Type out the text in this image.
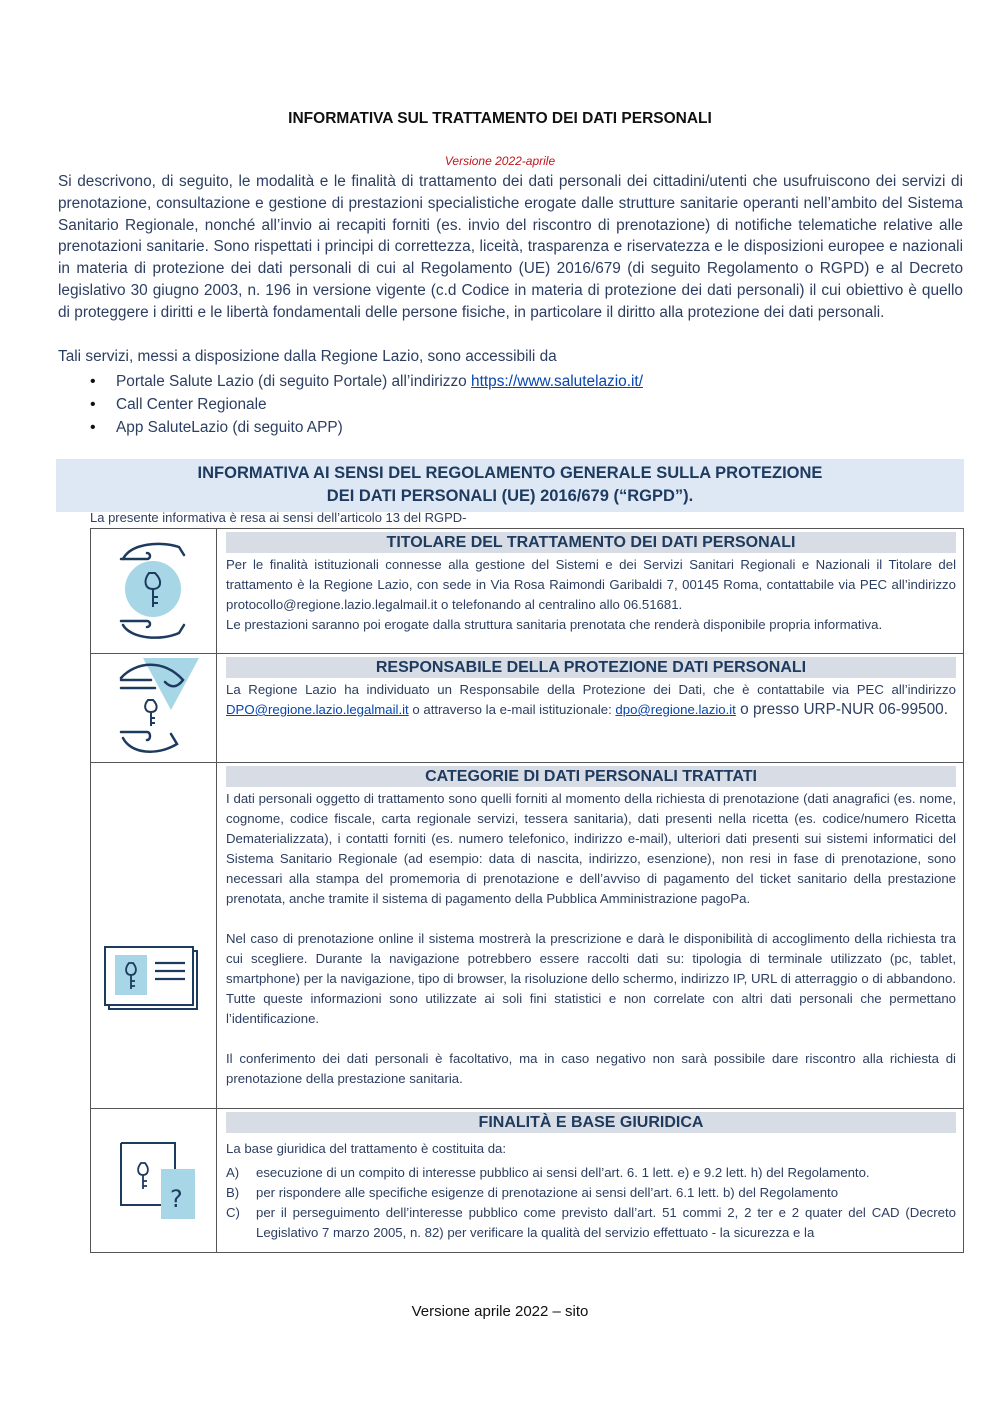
INFORMATIVA SUL TRATTAMENTO DEI DATI PERSONALI
Versione 2022-aprile

Si descrivono, di seguito, le modalità e le finalità di trattamento dei dati personali dei cittadini/utenti che usufruiscono dei servizi di prenotazione, consultazione e gestione di prestazioni specialistiche erogate dalle strutture sanitarie operanti nell’ambito del Sistema Sanitario Regionale, nonché all’invio ai recapiti forniti (es. invio del riscontro di prenotazione) di notifiche telematiche relative alle prenotazioni sanitarie. Sono rispettati i principi di correttezza, liceità, trasparenza e riservatezza e le disposizioni europee e nazionali in materia di protezione dei dati personali di cui al Regolamento (UE) 2016/679 (di seguito Regolamento o RGPD) e al Decreto legislativo 30 giugno 2003, n. 196 in versione vigente (c.d Codice in materia di protezione dei dati personali) il cui obiettivo è quello di proteggere i diritti e le libertà fondamentali delle persone fisiche, in particolare il diritto alla protezione dei dati personali.

Tali servizi, messi a disposizione dalla Regione Lazio, sono accessibili da

• Portale Salute Lazio (di seguito Portale) all’indirizzo https://www.salutelazio.it/
• Call Center Regionale
• App SaluteLazio (di seguito APP)
INFORMATIVA AI SENSI DEL REGOLAMENTO GENERALE SULLA PROTEZIONE
DEI DATI PERSONALI (UE) 2016/679 (“RGPD”).
La presente informativa è resa ai sensi dell’articolo 13 del RGPD-
TITOLARE DEL TRATTAMENTO DEI DATI PERSONALI

Per le finalità istituzionali connesse alla gestione del Sistemi e dei Servizi Sanitari Regionali e Nazionali il Titolare del trattamento è la Regione Lazio, con sede in Via Rosa Raimondi Garibaldi 7, 00145 Roma, contattabile via PEC all’indirizzo protocollo@regione.lazio.legalmail.it o telefonando al centralino allo 06.51681.

Le prestazioni saranno poi erogate dalla struttura sanitaria prenotata che renderà disponibile propria informativa.

RESPONSABILE DELLA PROTEZIONE DATI PERSONALI

La Regione Lazio ha individuato un Responsabile della Protezione dei Dati, che è contattabile via PEC all’indirizzo DPO@regione.lazio.legalmail.it o attraverso la e-mail istituzionale: dpo@regione.lazio.it o presso URP-NUR 06-99500.

CATEGORIE DI DATI PERSONALI TRATTATI

I dati personali oggetto di trattamento sono quelli forniti al momento della richiesta di prenotazione (dati anagrafici (es. nome, cognome, codice fiscale, carta regionale servizi, tessera sanitaria), dati presenti nella ricetta (es. codice/numero Ricetta Dematerializzata), i contatti forniti (es. numero telefonico, indirizzo e-mail), ulteriori dati presenti sui sistemi informatici del Sistema Sanitario Regionale (ad esempio: data di nascita, indirizzo, esenzione), non resi in fase di prenotazione, sono necessari alla stampa del promemoria di prenotazione e dell’avviso di pagamento del ticket sanitario della prestazione prenotata, anche tramite il sistema di pagamento della Pubblica Amministrazione pagoPa.

Nel caso di prenotazione online il sistema mostrerà la prescrizione e darà le disponibilità di accoglimento della richiesta tra cui scegliere. Durante la navigazione potrebbero essere raccolti dati su: tipologia di terminale utilizzato (pc, tablet, smartphone) per la navigazione, tipo di browser, la risoluzione dello schermo, indirizzo IP, URL di atterraggio o di abbandono. Tutte queste informazioni sono utilizzate ai soli fini statistici e non correlate con altri dati personali che permettano l’identificazione.

Il conferimento dei dati personali è facoltativo, ma in caso negativo non sarà possibile dare riscontro alla richiesta di prenotazione della prestazione sanitaria.

?
FINALITÀ E BASE GIURIDICA

La base giuridica del trattamento è costituita da:

A) esecuzione di un compito di interesse pubblico ai sensi dell’art. 6. 1 lett. e) e 9.2 lett. h) del Regolamento.
B) per rispondere alle specifiche esigenze di prenotazione ai sensi dell’art. 6.1 lett. b) del Regolamento
C) per il perseguimento dell’interesse pubblico come previsto dall’art. 51 commi 2, 2 ter e 2 quater del CAD (Decreto Legislativo 7 marzo 2005, n. 82) per verificare la qualità del servizio effettuato - la sicurezza e la
Versione aprile 2022 – sito
